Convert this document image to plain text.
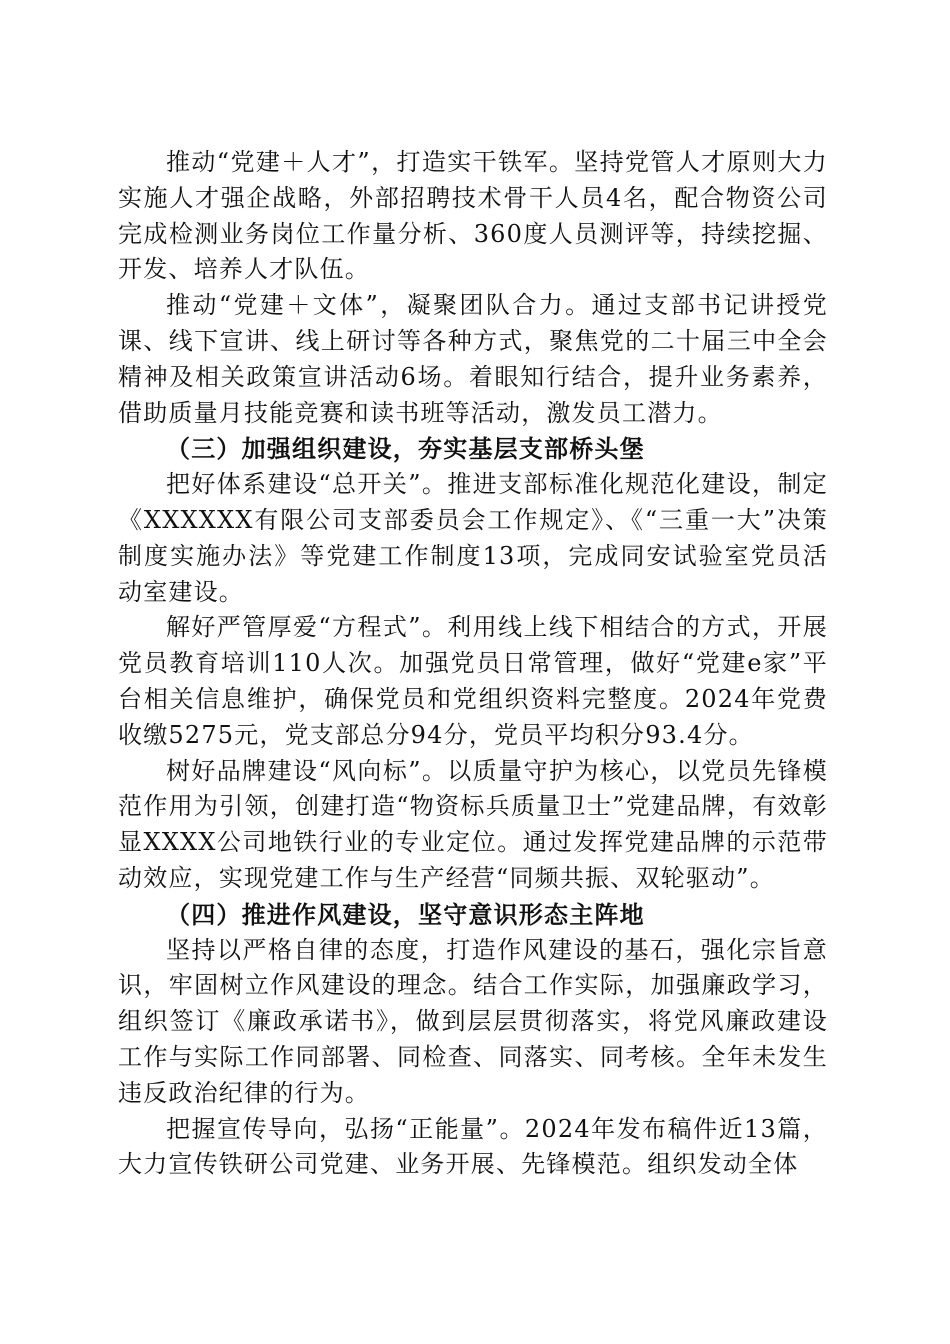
推动“党建＋人才”，打造实干铁军。坚持党管人才原则大力实施人才强企战略，外部招聘技术骨干人员4名，配合物资公司完成检测业务岗位工作量分析、360度人员测评等，持续挖掘、开发、培养人才队伍。

推动“党建＋文体”，凝聚团队合力。通过支部书记讲授党课、线下宣讲、线上研讨等各种方式，聚焦党的二十届三中全会精神及相关政策宣讲活动6场。着眼知行结合，提升业务素养，借助质量月技能竞赛和读书班等活动，激发员工潜力。

（三）加强组织建设，夯实基层支部桥头堡

把好体系建设“总开关”。推进支部标准化规范化建设，制定《XXXXXX有限公司支部委员会工作规定》、《“三重一大”决策制度实施办法》等党建工作制度13项，完成同安试验室党员活动室建设。

解好严管厚爱“方程式”。利用线上线下相结合的方式，开展党员教育培训110人次。加强党员日常管理，做好“党建e家”平台相关信息维护，确保党员和党组织资料完整度。2024年党费收缴5275元，党支部总分94分，党员平均积分93.4分。

树好品牌建设“风向标”。以质量守护为核心，以党员先锋模范作用为引领，创建打造“物资标兵质量卫士”党建品牌，有效彰显XXXX公司地铁行业的专业定位。通过发挥党建品牌的示范带动效应，实现党建工作与生产经营“同频共振、双轮驱动”。

（四）推进作风建设，坚守意识形态主阵地

坚持以严格自律的态度，打造作风建设的基石，强化宗旨意识，牢固树立作风建设的理念。结合工作实际，加强廉政学习，组织签订《廉政承诺书》，做到层层贯彻落实，将党风廉政建设工作与实际工作同部署、同检查、同落实、同考核。全年未发生违反政治纪律的行为。

把握宣传导向，弘扬“正能量”。2024年发布稿件近13篇，大力宣传铁研公司党建、业务开展、先锋模范。组织发动全体
